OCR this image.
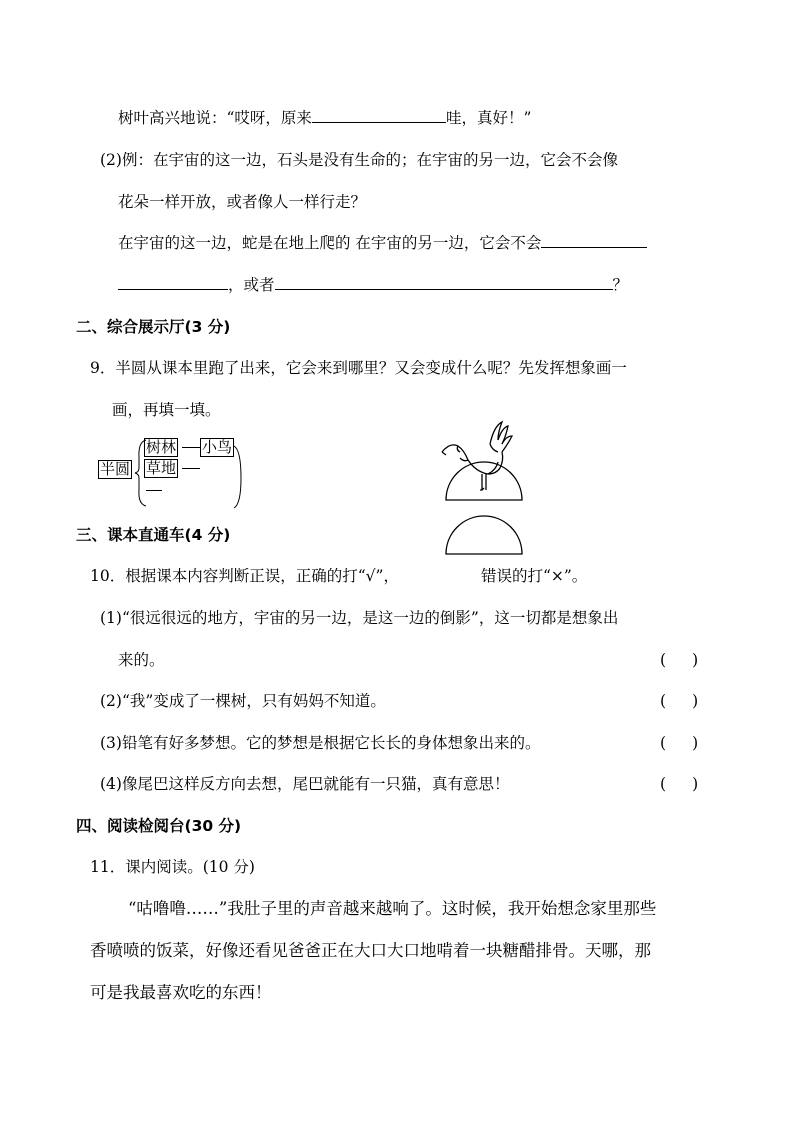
树叶高兴地说：“哎呀，原来	哇，真好！”
(2)例：在宇宙的这一边，石头是没有生命的；在宇宙的另一边，它会不会像
花朵一样开放，或者像人一样行走？
在宇宙的这一边，蛇是在地上爬的 在宇宙的另一边，它会不会
，或者	？
二、综合展示厅(3 分)
9．半圆从课本里跑了出来，它会来到哪里？又会变成什么呢？先发挥想象画一
画，再填一填。
半圆
树林 小鸟
草地
三、课本直通车(4 分)
10．根据课本内容判断正误，正确的打“√”，	错误的打“×”。
(1)“很远很远的地方，宇宙的另一边，是这一边的倒影”，这一切都是想象出
来的。	( )
(2)“我”变成了一棵树，只有妈妈不知道。	( )
(3)铅笔有好多梦想。它的梦想是根据它长长的身体想象出来的。	( )
(4)像尾巴这样反方向去想，尾巴就能有一只猫，真有意思！	( )
四、阅读检阅台(30 分)
11．课内阅读。(10 分)
“咕噜噜……”我肚子里的声音越来越响了。这时候，我开始想念家里那些
香喷喷的饭菜，好像还看见爸爸正在大口大口地啃着一块糖醋排骨。天哪，那
可是我最喜欢吃的东西！
